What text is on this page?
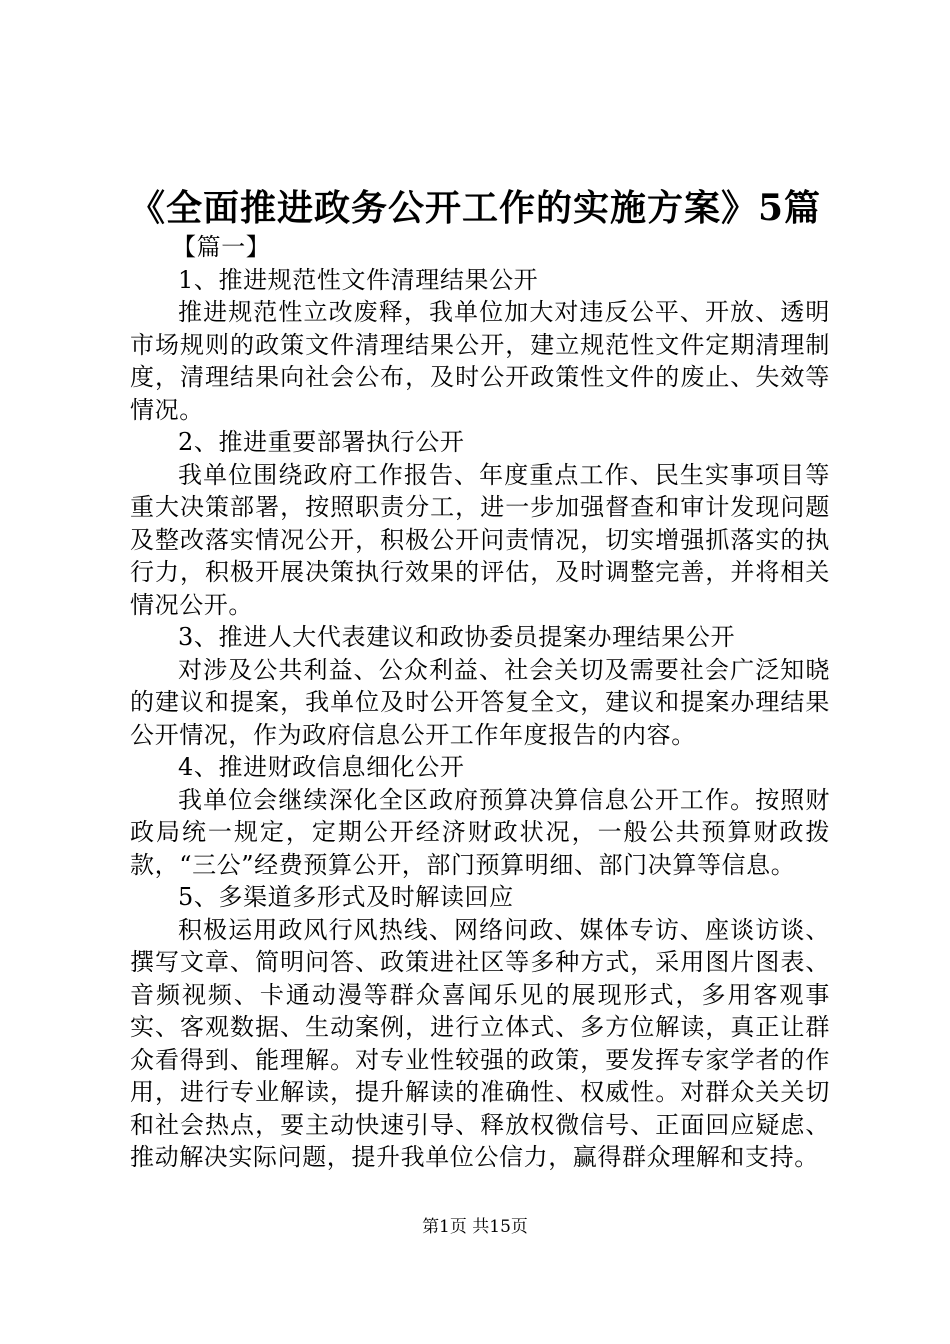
《全面推进政务公开工作的实施方案》5篇

【篇一】

1、推进规范性文件清理结果公开

推进规范性立改废释，我单位加大对违反公平、开放、透明市场规则的政策文件清理结果公开，建立规范性文件定期清理制度，清理结果向社会公布，及时公开政策性文件的废止、失效等情况。

2、推进重要部署执行公开

我单位围绕政府工作报告、年度重点工作、民生实事项目等重大决策部署，按照职责分工，进一步加强督查和审计发现问题及整改落实情况公开，积极公开问责情况，切实增强抓落实的执行力，积极开展决策执行效果的评估，及时调整完善，并将相关情况公开。

3、推进人大代表建议和政协委员提案办理结果公开

对涉及公共利益、公众利益、社会关切及需要社会广泛知晓的建议和提案，我单位及时公开答复全文，建议和提案办理结果公开情况，作为政府信息公开工作年度报告的内容。

4、推进财政信息细化公开

我单位会继续深化全区政府预算决算信息公开工作。按照财政局统一规定，定期公开经济财政状况，一般公共预算财政拨款，“三公”经费预算公开，部门预算明细、部门决算等信息。

5、多渠道多形式及时解读回应

积极运用政风行风热线、网络问政、媒体专访、座谈访谈、撰写文章、简明问答、政策进社区等多种方式，采用图片图表、音频视频、卡通动漫等群众喜闻乐见的展现形式，多用客观事实、客观数据、生动案例，进行立体式、多方位解读，真正让群众看得到、能理解。对专业性较强的政策，要发挥专家学者的作用，进行专业解读，提升解读的准确性、权威性。对群众关关切和社会热点，要主动快速引导、释放权微信号、正面回应疑虑、推动解决实际问题，提升我单位公信力，赢得群众理解和支持。

第1页 共15页
